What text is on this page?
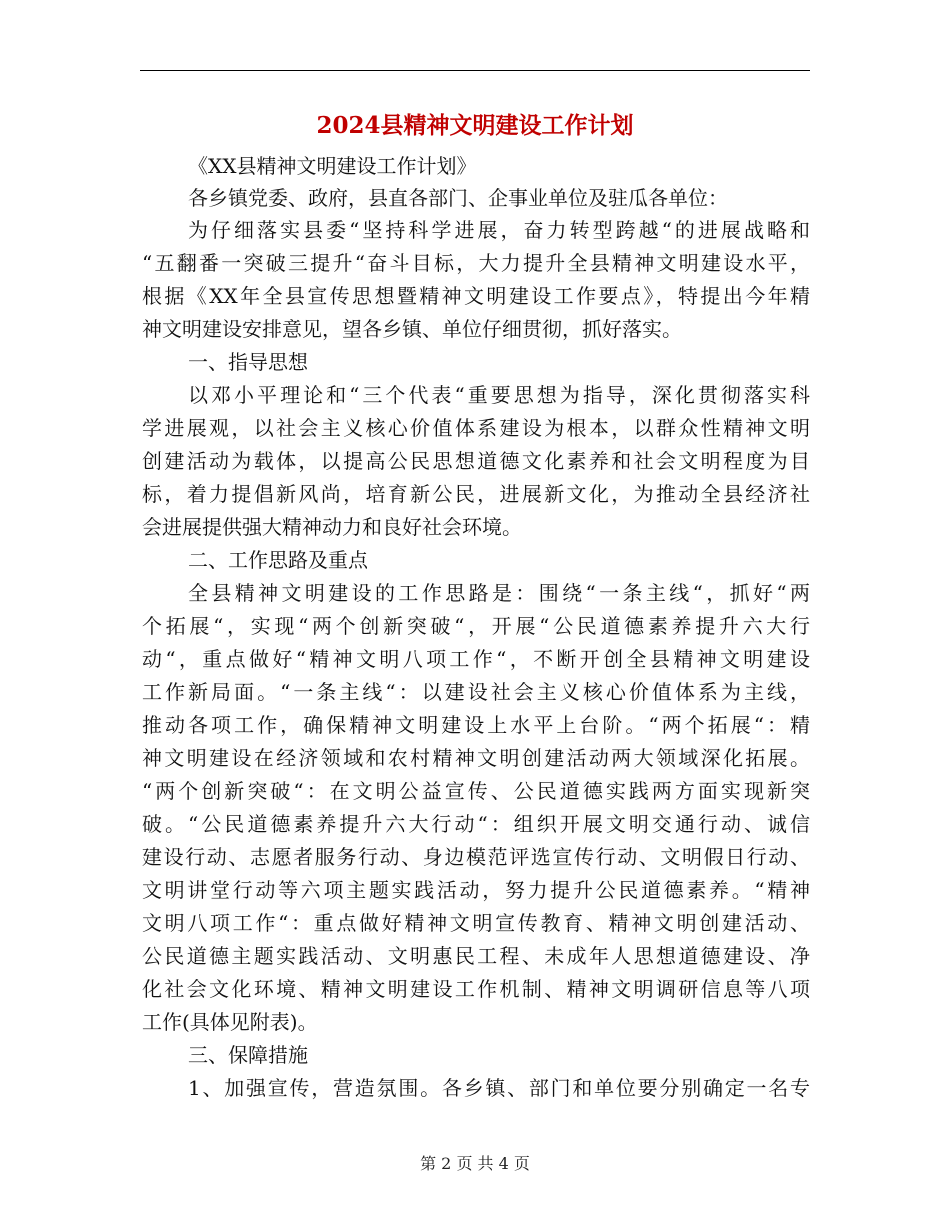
2024县精神文明建设工作计划
《XX县精神文明建设工作计划》
各乡镇党委、政府，县直各部门、企事业单位及驻瓜各单位：
为仔细落实县委“坚持科学进展，奋力转型跨越“的进展战略和
“五翻番一突破三提升“奋斗目标，大力提升全县精神文明建设水平，
根据《XX年全县宣传思想暨精神文明建设工作要点》，特提出今年精
神文明建设安排意见，望各乡镇、单位仔细贯彻，抓好落实。
一、指导思想
以邓小平理论和“三个代表“重要思想为指导，深化贯彻落实科
学进展观，以社会主义核心价值体系建设为根本，以群众性精神文明
创建活动为载体，以提高公民思想道德文化素养和社会文明程度为目
标，着力提倡新风尚，培育新公民，进展新文化，为推动全县经济社
会进展提供强大精神动力和良好社会环境。
二、工作思路及重点
全县精神文明建设的工作思路是：围绕“一条主线“，抓好“两
个拓展“，实现“两个创新突破“，开展“公民道德素养提升六大行
动“，重点做好“精神文明八项工作“，不断开创全县精神文明建设
工作新局面。“一条主线“：以建设社会主义核心价值体系为主线，
推动各项工作，确保精神文明建设上水平上台阶。“两个拓展“：精
神文明建设在经济领域和农村精神文明创建活动两大领域深化拓展。
“两个创新突破“：在文明公益宣传、公民道德实践两方面实现新突
破。“公民道德素养提升六大行动“：组织开展文明交通行动、诚信
建设行动、志愿者服务行动、身边模范评选宣传行动、文明假日行动、
文明讲堂行动等六项主题实践活动，努力提升公民道德素养。“精神
文明八项工作“：重点做好精神文明宣传教育、精神文明创建活动、
公民道德主题实践活动、文明惠民工程、未成年人思想道德建设、净
化社会文化环境、精神文明建设工作机制、精神文明调研信息等八项
工作(具体见附表)。
三、保障措施
1、加强宣传，营造氛围。各乡镇、部门和单位要分别确定一名专
第 2 页 共 4 页
